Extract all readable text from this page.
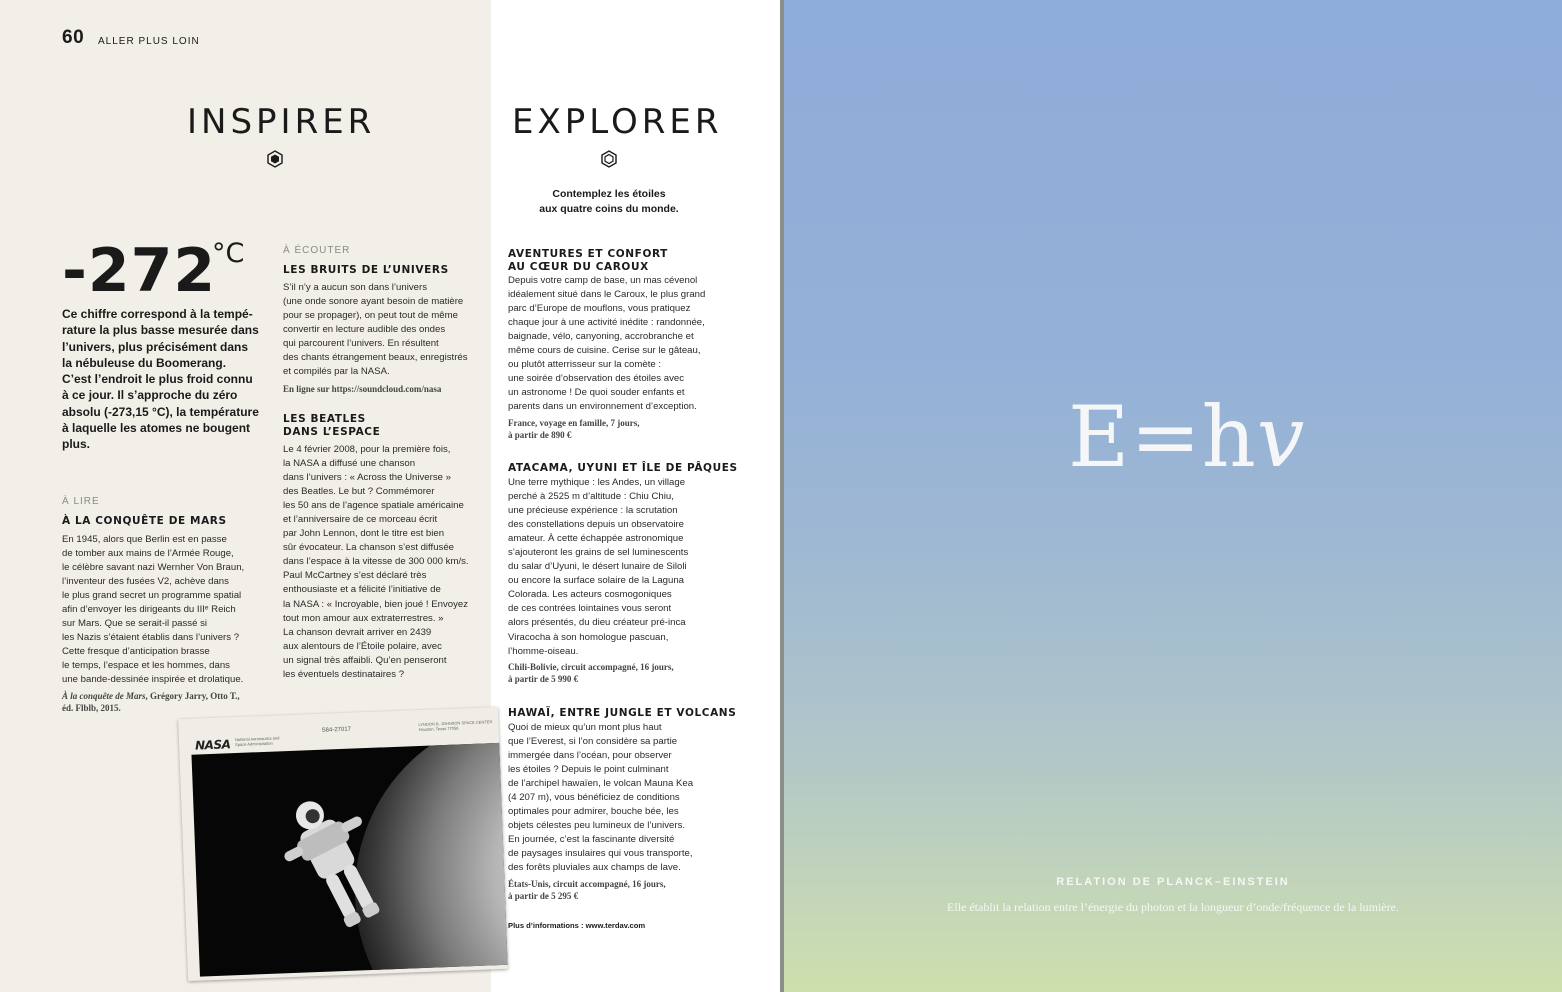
60 ALLER PLUS LOIN
INSPIRER
-272
°C
Ce chiffre correspond à la tempé-
rature la plus basse mesurée dans
l’univers, plus précisément dans
la nébuleuse du Boomerang.
C’est l’endroit le plus froid connu
à ce jour. Il s’approche du zéro
absolu (-273,15 °C), la température
à laquelle les atomes ne bougent
plus.
À LIRE
À LA CONQUÊTE DE MARS
En 1945, alors que Berlin est en passe
de tomber aux mains de l’Armée Rouge,
le célèbre savant nazi Wernher Von Braun,
l’inventeur des fusées V2, achève dans
le plus grand secret un programme spatial
afin d’envoyer les dirigeants du IIIᵉ Reich
sur Mars. Que se serait-il passé si
les Nazis s’étaient établis dans l’univers ?
Cette fresque d’anticipation brasse
le temps, l’espace et les hommes, dans
une bande-dessinée inspirée et drolatique.
À la conquête de Mars, Grégory Jarry, Otto T.,
éd. Flblb, 2015.
À ÉCOUTER
LES BRUITS DE L’UNIVERS
S’il n’y a aucun son dans l’univers
(une onde sonore ayant besoin de matière
pour se propager), on peut tout de même
convertir en lecture audible des ondes
qui parcourent l’univers. En résultent
des chants étrangement beaux, enregistrés
et compilés par la NASA.
En ligne sur https://soundcloud.com/nasa
LES BEATLES
DANS L’ESPACE
Le 4 février 2008, pour la première fois,
la NASA a diffusé une chanson
dans l’univers : « Across the Universe »
des Beatles. Le but ? Commémorer
les 50 ans de l’agence spatiale américaine
et l’anniversaire de ce morceau écrit
par John Lennon, dont le titre est bien
sûr évocateur. La chanson s’est diffusée
dans l’espace à la vitesse de 300 000 km/s.
Paul McCartney s’est déclaré très
enthousiaste et a félicité l’initiative de
la NASA : « Incroyable, bien joué ! Envoyez
tout mon amour aux extraterrestres. »
La chanson devrait arriver en 2439
aux alentours de l’Étoile polaire, avec
un signal très affaibli. Qu’en penseront
les éventuels destinataires ?
NASA National Aeronautics and
Space Administration
S84-27017
LYNDON B. JOHNSON SPACE CENTER
Houston, Texas 77058
EXPLORER
Contemplez les étoiles
aux quatre coins du monde.
AVENTURES ET CONFORT
AU CŒUR DU CAROUX
Depuis votre camp de base, un mas cévenol
idéalement situé dans le Caroux, le plus grand
parc d’Europe de mouflons, vous pratiquez
chaque jour à une activité inédite : randonnée,
baignade, vélo, canyoning, accrobranche et
même cours de cuisine. Cerise sur le gâteau,
ou plutôt atterrisseur sur la comète :
une soirée d’observation des étoiles avec
un astronome ! De quoi souder enfants et
parents dans un environnement d’exception.
France, voyage en famille, 7 jours,
à partir de 890 €
ATACAMA, UYUNI ET ÎLE DE PÂQUES
Une terre mythique : les Andes, un village
perché à 2525 m d’altitude : Chiu Chiu,
une précieuse expérience : la scrutation
des constellations depuis un observatoire
amateur. À cette échappée astronomique
s’ajouteront les grains de sel luminescents
du salar d’Uyuni, le désert lunaire de Siloli
ou encore la surface solaire de la Laguna
Colorada. Les acteurs cosmogoniques
de ces contrées lointaines vous seront
alors présentés, du dieu créateur pré-inca
Viracocha à son homologue pascuan,
l’homme-oiseau.
Chili-Bolivie, circuit accompagné, 16 jours,
à partir de 5 990 €
HAWAÏ, ENTRE JUNGLE ET VOLCANS
Quoi de mieux qu’un mont plus haut
que l’Everest, si l’on considère sa partie
immergée dans l’océan, pour observer
les étoiles ? Depuis le point culminant
de l’archipel hawaïen, le volcan Mauna Kea
(4 207 m), vous bénéficiez de conditions
optimales pour admirer, bouche bée, les
objets célestes peu lumineux de l’univers.
En journée, c’est la fascinante diversité
de paysages insulaires qui vous transporte,
des forêts pluviales aux champs de lave.
États-Unis, circuit accompagné, 16 jours,
à partir de 5 295 €
Plus d’informations : www.terdav.com
E=hv
RELATION DE PLANCK–EINSTEIN
Elle établit la relation entre l’énergie du photon et la longueur d’onde/fréquence de la lumière.
